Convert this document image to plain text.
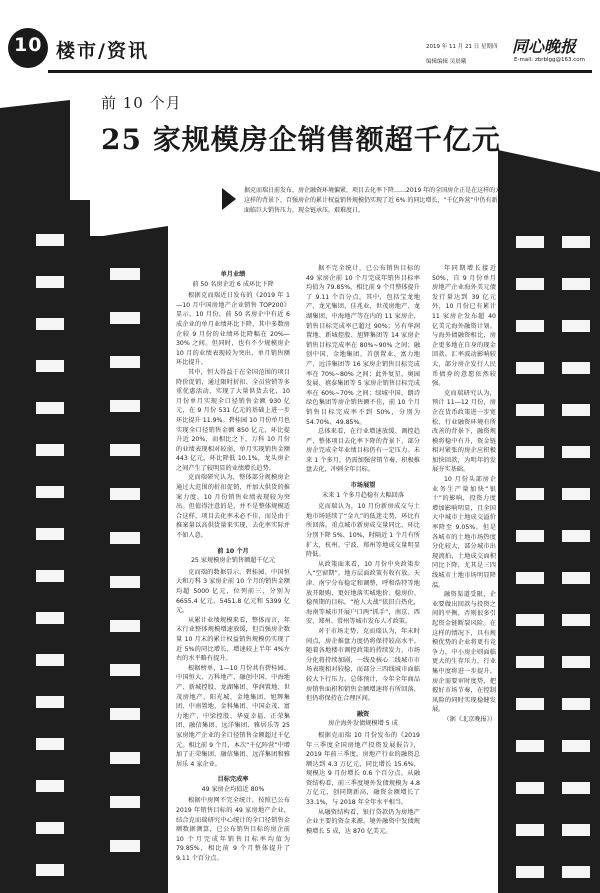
10 楼市/资讯	2019 年 11 月 21 日 星期四 同心晚报
编辑编辑 吴晨曦	E-mail: zbrblgg@163.com
前 10 个月
25 家规模房企销售额超千亿元
据克而瑞日前发布，房企融资环境偏紧，项目去化率下降……2019 年的全国房企正是在这样的大背景下走过了 10 个月。在这样的背景下，百强房企的累计权益销售规模仍实现了近 6% 的同比增长，“千亿阵营”中仍有新面孔上榜。但同时，也有房企面临巨大销售压力，现金链承压，艰难度日。

单月业绩

前 50 名房企近 6 成环比下降

根据克而瑞近日发布的《2019 年 1—10 月中国房地产企业销售 TOP200》显示，10 月份，前 50 名房企中有近 6 成企业的单月业绩环比下降，其中多数房企较 9 月份的业绩环比降幅在 20%—30% 之间。但同时，也有不少规模房企 10 月的业绩表现较为突出，单月销售额环比提升。

其中，恒大得益于在全国范围的项目降价促销，通过限时折扣、全员营销等多重优惠活动，实现了大量供货去化，10 月份单月实现全口径销售金额 930 亿元，在 9 月份 531 亿元的基础上进一步环比提升 11.9%。碧桂园 10 月份单月也实现全口径销售金额 850 亿元，环比提升近 20%，而相比之下，万科 10 月份的业绩表现相对较弱，单月实现销售金额 443 亿元，环比降低 10.1%，龙头房企之间产生了较明显的业绩增长趋势。

克而瑞研究认为，整体部分规模房企通过大范围的折扣促销，并加大供货的推案力度，10 月份销售业绩表现较为突出。但值得注意的是，并不是整体规模适合这样，项目去化率未必不佳，而是由于推案量以高供货量来实现，去化率实际并不如人意。

前 10 个月

25 家规模房企销售额超千亿元

克而瑞的数据显示，碧桂园、中国恒大和万科 3 家房企前 10 个月的销售金额均超 5000 亿元，位列前三，分别为 6655.4 亿元、5451.8 亿元和 5399 亿元。

从累计业绩规模来看，整体而言，年末行业整体规模增速放缓，但百强房企数量 10 月末的累计权益销售规模仍实现了近 5%的同比增长，增速较上半年 4%左右的水平略有提升。

根据榜单，1—10 月份共有碧桂园、中国恒大、万科地产、融创中国、中海地产、新城控股、龙湖集团、华润置地、世茂房地产、阳光城、金地集团、旭辉集团、中南置地、金科集团、中国金茂、富力地产、中梁控股、华夏幸福、正荣集团、融信集团、远洋集团、雅居乐等 25 家房地产企业的全口径销售金额超过千亿元。相比前 9 个月，本次“千亿阵营”中增加了正荣集团、融信集团、远洋集团和雅居乐 4 家企业。

目标完成率

49 家房企均值近 80%

根据中房网不完全统计，按照已公布 2019 年销售目标的 49 家房地产企业，结合克而瑞研究中心统计的全口径销售金额数据测算，已公布销售目标的房企前 10 个月完成年销售目标率均值为 79.85%，相比前 9 个月整体提升了 9.11 个百分点。

据不完全统计，已公布销售目标的 49 家房企前 10 个月完成年销售目标率均值为 79.85%，相比前 9 个月整体提升了 9.11 个百分点。其中，包括宝龙地产、龙光集团、佳兆业、世茂房地产、龙湖集团、中海地产等在内的 11 家房企，销售目标完成率已超过 90%；另有华润置地、新城控股、旭辉集团等 14 家房企销售目标完成率在 80%~90% 之间；融创中国、金地集团、首创置业、富力地产、远洋集团等 16 家房企销售目标完成率在 70%~80% 之间；此外复星、奥园发展、禧泰集团等 5 家房企销售目标完成率在 60%~70% 之间；绿城中国、朗诗绿色集团等房企销售额不佳，前 10 个月销售目标完成率不到 50%，分别为 54.70%、49.85%。

总体来看，在行业增速放缓、调控趋严、整体项目去化率下降的背景下，部分房企完成全年业绩目标仍有一定压力。未来 1 个多月，仍需加强营销节奏，积极推盘去化，冲刺全年目标。

市场展望

未来 1 个多月趋稳有大幅回落

克而瑞认为，10 月份新房成交与土地市场延续了“金九”的低迷走势，环比有所回落。重点城市新房成交量同比、环比分别下降 5%、10%，时隔近 1 个月有所扩大，杭州、宁波、郑州等地成交量明显降低。

从政策面来看，10 月份中央政策步入“空窗期”，地方层面政策有收有放。天津、南宁分布稳定和调整，呼和浩特等地放开限购，更好地落实城地价、稳房价、稳预期的目标。“抢人大战”依旧白热化，海南等城市开展户口两“抓手”，南京、西安、郑州、常州等城市发布人才政策。

对于市场走势，克而瑞认为，年末时间点，房企推盘力度仍将保持较高水平。随着各地楼市调控政策的持续发力，市场分化将持续加剧，一线及核心二线城市市场表现相对较稳，而部分三四线城市面临较大下行压力。总体预计，今年全年商品房销售面积和销售金额增速将有所回落，但仍将保持在合理区间。

融资

房企海外发债规模增 5 成

根据克而瑞 10 月份发布的《2019 年三季度全国房地产投资发展报告》，2019 年前三季度，房地产行业的融资总额达到 4.3 万亿元，同比增长 15.6%，规模达 9 月份增长 0.6 个百分点。从融资结构看，前三季度境外发债规模为 4.8 万亿元，创同期新高，融资金额增长了 33.1%，与 2018 年全年水平相当。

从融资结构看，银行贷款仍为房地产企业主要的资金来源。境外融资中发债规模增长 5 成，达 870 亿美元。

年同期增长接近 50%，自 9 月份单月房地产企业海外美元债发行量达到 39 亿元外，10 月份已有累计 11 家房企发布超 40 亿美元海外融资计划。与海外债融资相比，房企更多地在自身的现金回款。汇率波动影响较大，部分房企发行人民币债券的意愿依然较强。

克而瑞研究认为，预计 11—12 月份，房企在货币政策进一步宽松、行业融资环境有所改善的背景下，融资规模将稳中有升，资金链相对紧张的房企应积极加快回款，为明年的发展夯实基础。

10 月份头部房企业务生产量加快“银十”的影响，投资力度增加影响明显，且全国大中城市土地成交溢价率降至 9.05%。但是各城市的土地市场热度分化较大，部分城市出现流拍，土地成交面积同比下降，尤其是三四线城市土地市场明显降温。

融资渠道受限，企业要做出回款与投资之间的平衡，否则很多引起资金链断裂风险。在这样的情况下，具有规模优势的企业将更有竞争力，中小房企则面临更大的生存压力，行业集中度将进一步提升。房企需要审时度势，把握好市场节奏，在控制风险的同时实现稳健发展。

（据《北京晚报》）
